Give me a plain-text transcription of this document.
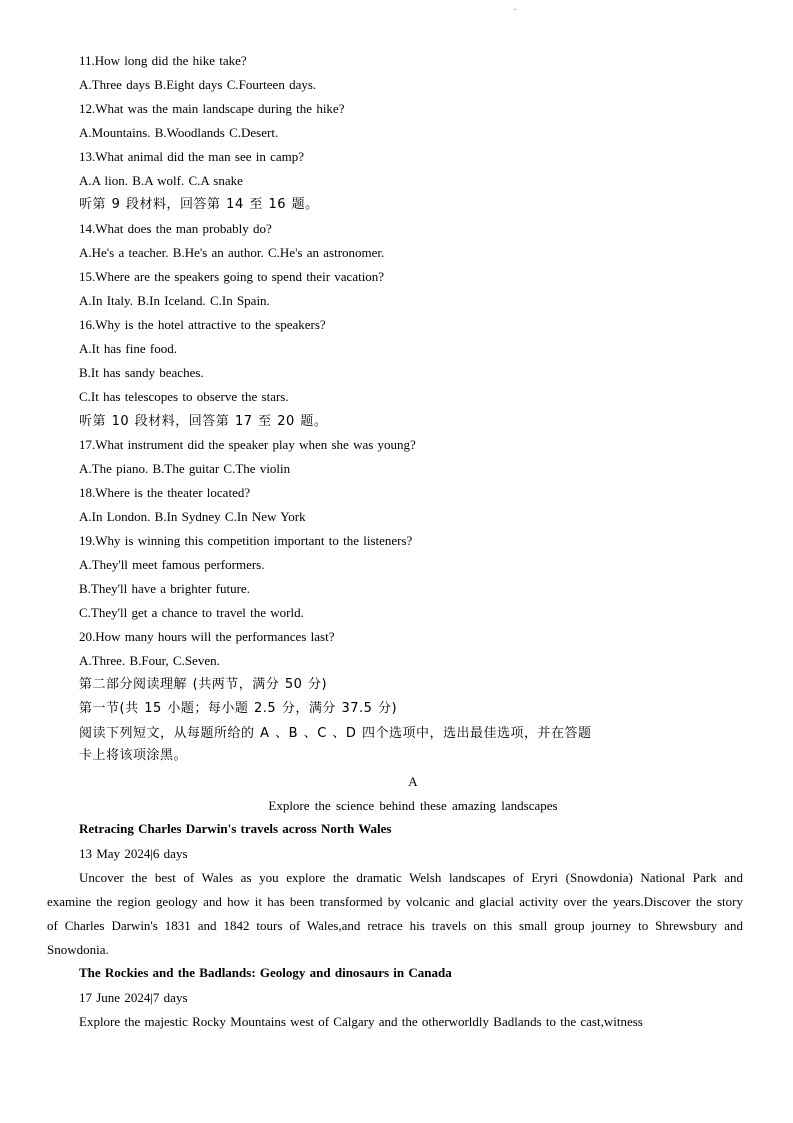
.
11.How long did the hike take?
A.Three days B.Eight days C.Fourteen days.
12.What was the main landscape during the hike?
A.Mountains. B.Woodlands C.Desert.
13.What animal did the man see in camp?
A.A lion. B.A wolf. C.A snake
听第 9 段材料，回答第 14 至 16 题。
14.What does the man probably do?
A.He's a teacher. B.He's an author. C.He's an astronomer.
15.Where are the speakers going to spend their vacation?
A.In Italy. B.In Iceland. C.In Spain.
16.Why is the hotel attractive to the speakers?
A.It has fine food.
B.It has sandy beaches.
C.It has telescopes to observe the stars.
听第 10 段材料，回答第 17 至 20 题。
17.What instrument did the speaker play when she was young?
A.The piano. B.The guitar C.The violin
18.Where is the theater located?
A.In London. B.In Sydney C.In New York
19.Why is winning this competition important to the listeners?
A.They'll meet famous performers.
B.They'll have a brighter future.
C.They'll get a chance to travel the world.
20.How many hours will the performances last?
A.Three. B.Four, C.Seven.
第二部分阅读理解 (共两节，满分 50 分)
第一节(共 15 小题；每小题 2.5 分，满分 37.5 分)
阅读下列短文，从每题所给的 A 、B 、C 、D 四个选项中，选出最佳选项，并在答题
卡上将该项涂黑。
A
Explore the science behind these amazing landscapes
Retracing Charles Darwin's travels across North Wales
13 May 2024|6 days
Uncover the best of Wales as you explore the dramatic Welsh landscapes of Eryri (Snowdonia) National Park and examine the region geology and how it has been transformed by volcanic and glacial activity over the years.Discover the story of Charles Darwin's 1831 and 1842 tours of Wales,and retrace his travels on this small group journey to Shrewsbury and Snowdonia.
The Rockies and the Badlands: Geology and dinosaurs in Canada
17 June 2024|7 days
Explore the majestic Rocky Mountains west of Calgary and the otherworldly Badlands to the cast,witness
